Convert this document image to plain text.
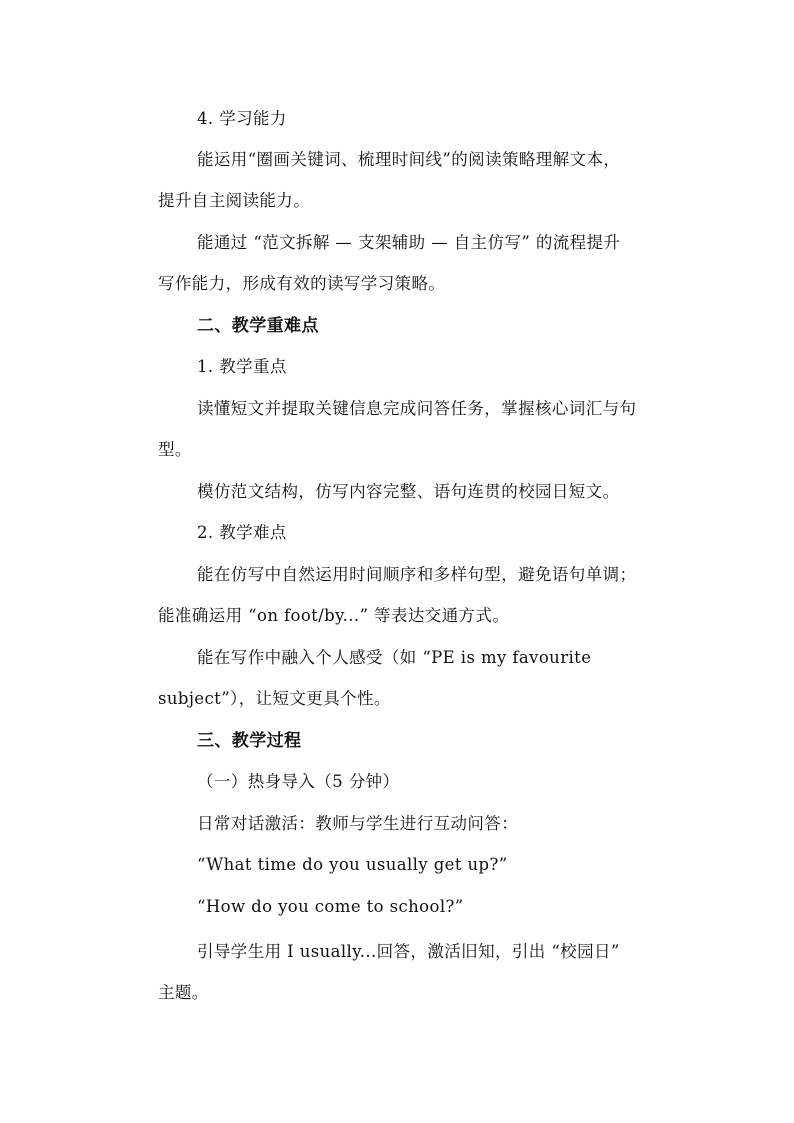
4. 学习能力
能运用“圈画关键词、梳理时间线”的阅读策略理解文本，
提升自主阅读能力。
能通过 “范文拆解 — 支架辅助 — 自主仿写” 的流程提升
写作能力，形成有效的读写学习策略。
二、教学重难点
1. 教学重点
读懂短文并提取关键信息完成问答任务，掌握核心词汇与句
型。
模仿范文结构，仿写内容完整、语句连贯的校园日短文。
2. 教学难点
能在仿写中自然运用时间顺序和多样句型，避免语句单调；
能准确运用 “on foot/by...” 等表达交通方式。
能在写作中融入个人感受（如 “PE is my favourite
subject”），让短文更具个性。
三、教学过程
（一）热身导入（5 分钟）
日常对话激活：教师与学生进行互动问答：
“What time do you usually get up?”
“How do you come to school?”
引导学生用 I usually...回答，激活旧知，引出 “校园日”
主题。
